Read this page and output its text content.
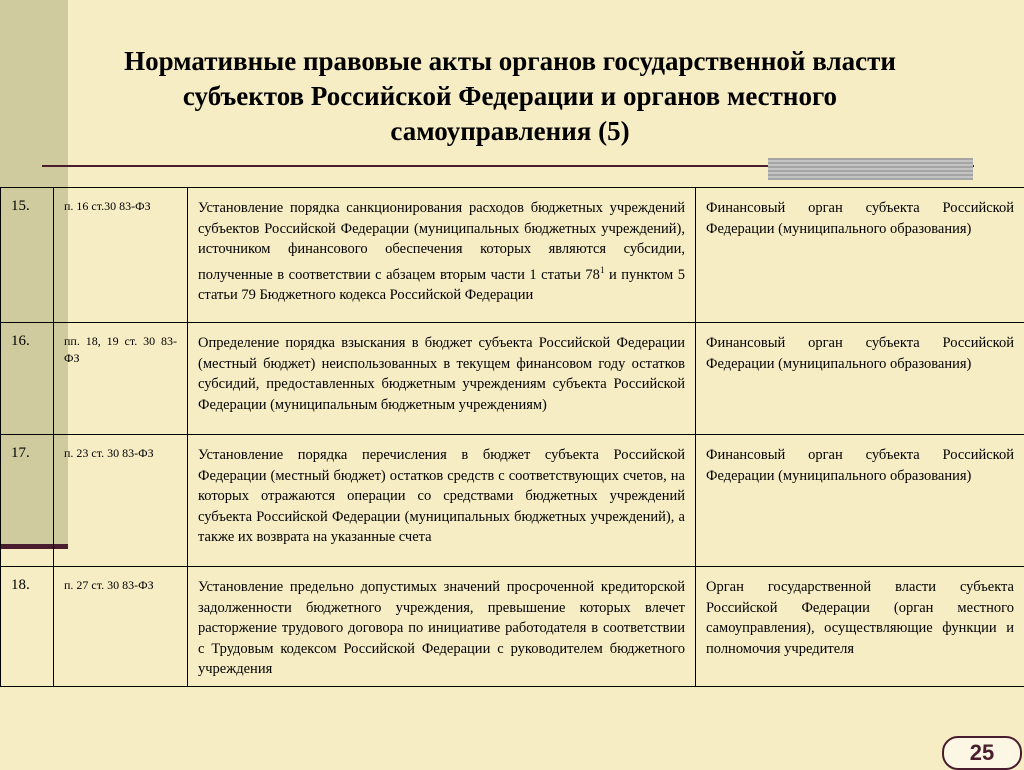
Нормативные правовые акты органов государственной власти субъектов Российской Федерации и органов местного самоуправления (5)
15.	п. 16 ст.30 83-ФЗ	Установление порядка санкционирования расходов бюджетных учреждений субъектов Российской Федерации (муниципальных бюджетных учреждений), источником финансового обеспечения которых являются субсидии, полученные в соответствии с абзацем вторым части 1 статьи $78^1$ и пунктом 5 статьи 79 Бюджетного кодекса Российской Федерации	Финансовый орган субъекта Российской Федерации (муниципального образования)
16.	пп. 18, 19 ст. 30 83-ФЗ	Определение порядка взыскания в бюджет субъекта Российской Федерации (местный бюджет) неиспользованных в текущем финансовом году остатков субсидий, предоставленных бюджетным учреждениям субъекта Российской Федерации (муниципальным бюджетным учреждениям)	Финансовый орган субъекта Российской Федерации (муниципального образования)
17.	п. 23 ст. 30 83-ФЗ	Установление порядка перечисления в бюджет субъекта Российской Федерации (местный бюджет) остатков средств с соответствующих счетов, на которых отражаются операции со средствами бюджетных учреждений субъекта Российской Федерации (муниципальных бюджетных учреждений), а также их возврата на указанные счета	Финансовый орган субъекта Российской Федерации (муниципального образования)
18.	п. 27 ст. 30 83-ФЗ	Установление предельно допустимых значений просроченной кредиторской задолженности бюджетного учреждения, превышение которых влечет расторжение трудового договора по инициативе работодателя в соответствии с Трудовым кодексом Российской Федерации с руководителем бюджетного учреждения	Орган государственной власти субъекта Российской Федерации (орган местного самоуправления), осуществляющие функции и полномочия учредителя
25
